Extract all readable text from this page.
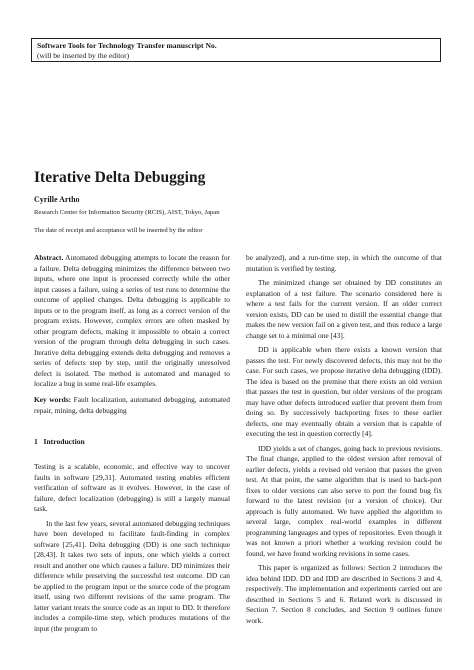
Software Tools for Technology Transfer manuscript No.
(will be inserted by the editor)
Iterative Delta Debugging
Cyrille Artho
Research Center for Information Security (RCIS), AIST, Tokyo, Japan
The date of receipt and acceptance will be inserted by the editor

Abstract. Automated debugging attempts to locate the reason for a failure. Delta debugging minimizes the difference between two inputs, where one input is processed correctly while the other input causes a failure, using a series of test runs to determine the outcome of applied changes. Delta debugging is applicable to inputs or to the program itself, as long as a correct version of the program exists. However, complex errors are often masked by other program defects, making it impossible to obtain a correct version of the program through delta debugging in such cases. Iterative delta debugging extends delta debugging and removes a series of defects step by step, until the originally unresolved defect is isolated. The method is automated and managed to localize a bug in some real-life examples.

Key words: Fault localization, automated debugging, automated repair, mining, delta debugging

1 Introduction

Testing is a scalable, economic, and effective way to uncover faults in software [29,31]. Automated testing enables efficient verification of software as it evolves. However, in the case of failure, defect localization (debugging) is still a largely manual task.

In the last few years, several automated debugging techniques have been developed to facilitate fault-finding in complex software [25,41]. Delta debugging (DD) is one such technique [28,43]. It takes two sets of inputs, one which yields a correct result and another one which causes a failure. DD minimizes their difference while preserving the successful test outcome. DD can be applied to the program input or the source code of the program itself, using two different revisions of the same program. The latter variant treats the source code as an input to DD. It therefore includes a compile-time step, which produces mutations of the input (the program to

be analyzed), and a run-time step, in which the outcome of that mutation is verified by testing.

The minimized change set obtained by DD constitutes an explanation of a test failure. The scenario considered here is where a test fails for the current version. If an older correct version exists, DD can be used to distill the essential change that makes the new version fail on a given test, and thus reduce a large change set to a minimal one [43].

DD is applicable when there exists a known version that passes the test. For newly discovered defects, this may not be the case. For such cases, we propose iterative delta debugging (IDD). The idea is based on the premise that there exists an old version that passes the test in question, but older versions of the program may have other defects introduced earlier that prevent them from doing so. By successively backporting fixes to these earlier defects, one may eventually obtain a version that is capable of executing the test in question correctly [4].

IDD yields a set of changes, going back to previous revisions. The final change, applied to the oldest version after removal of earlier defects, yields a revised old version that passes the given test. At that point, the same algorithm that is used to back-port fixes to older versions can also serve to port the found bug fix forward to the latest revision (or a version of choice). Our approach is fully automated. We have applied the algorithm to several large, complex real-world examples in different programming languages and types of repositories. Even though it was not known a priori whether a working revision could be found, we have found working revisions in some cases.

This paper is organized as follows: Section 2 introduces the idea behind IDD. DD and IDD are described in Sections 3 and 4, respectively. The implementation and experiments carried out are described in Sections 5 and 6. Related work is discussed in Section 7. Section 8 concludes, and Section 9 outlines future work.
